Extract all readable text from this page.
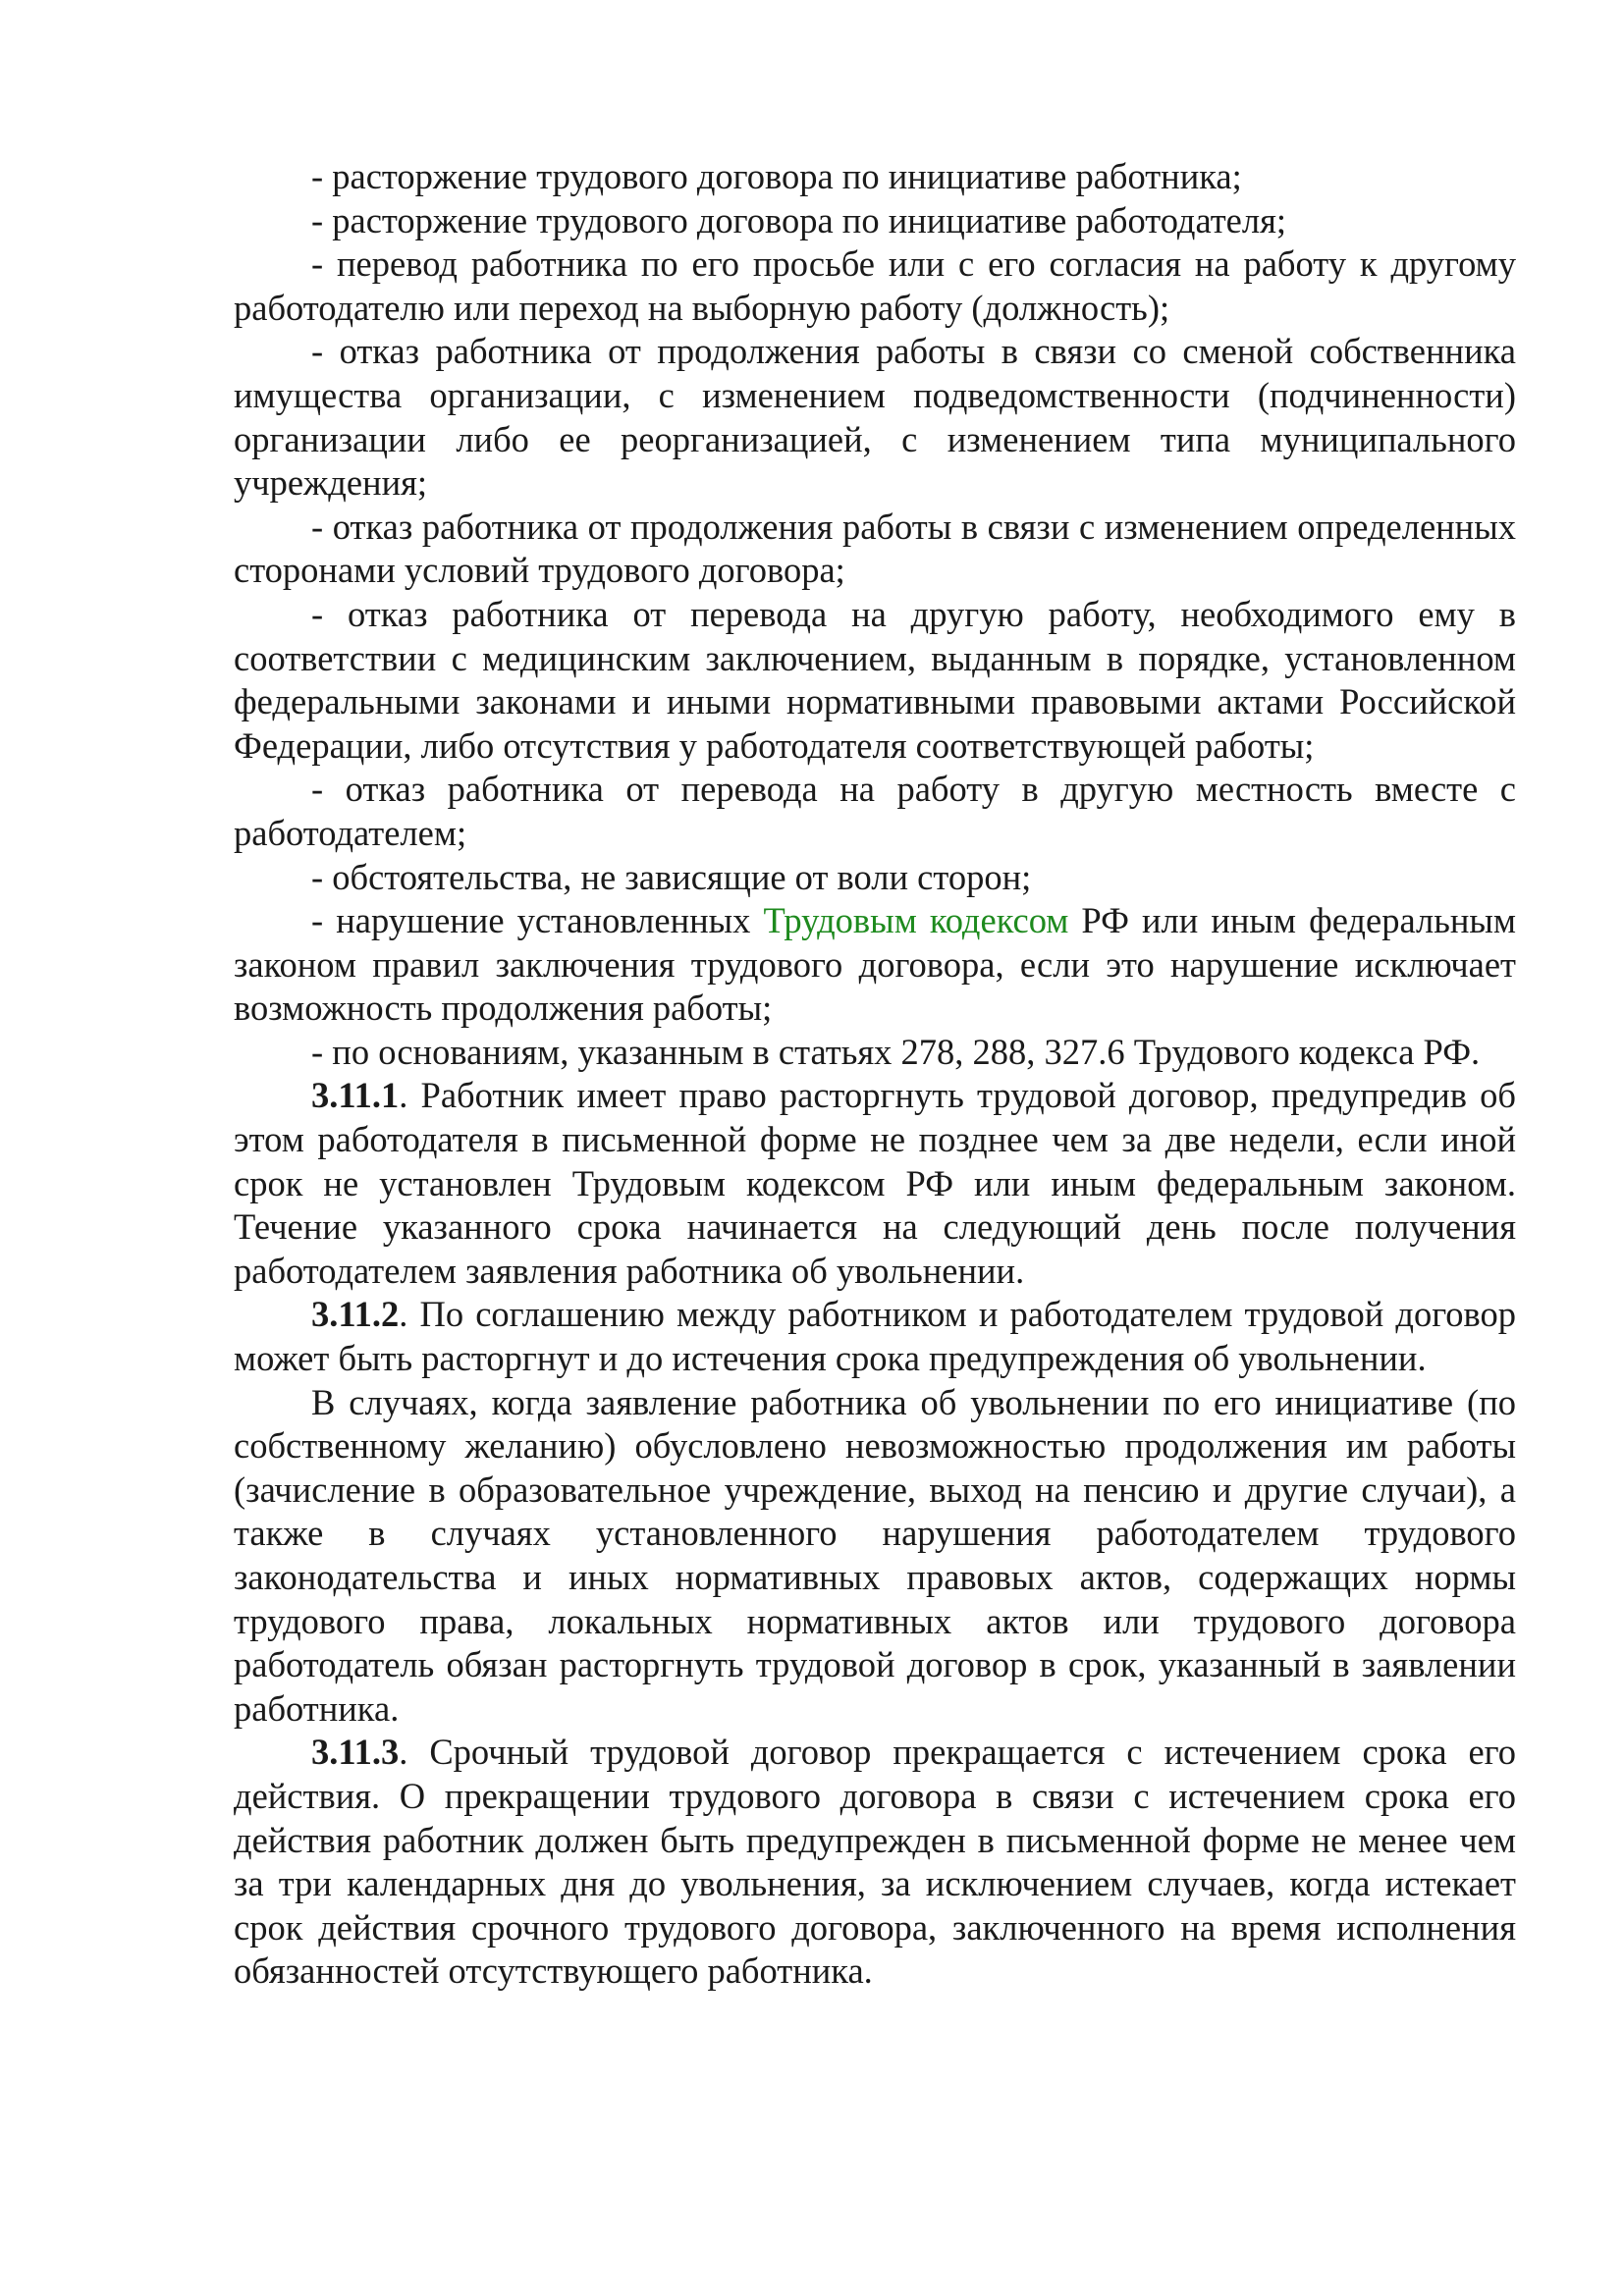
- расторжение трудового договора по инициативе работника;

- расторжение трудового договора по инициативе работодателя;

- перевод работника по его просьбе или с его согласия на работу к другому работодателю или переход на выборную работу (должность);

- отказ работника от продолжения работы в связи со сменой собственника имущества организации, с изменением подведомственности (подчиненности) организации либо ее реорганизацией, с изменением типа муниципального учреждения;

- отказ работника от продолжения работы в связи с изменением определенных сторонами условий трудового договора;

- отказ работника от перевода на другую работу, необходимого ему в соответствии с медицинским заключением, выданным в порядке, установленном федеральными законами и иными нормативными правовыми актами Российской Федерации, либо отсутствия у работодателя соответствующей работы;

- отказ работника от перевода на работу в другую местность вместе с работодателем;

- обстоятельства, не зависящие от воли сторон;

- нарушение установленных Трудовым кодексом РФ или иным федеральным законом правил заключения трудового договора, если это нарушение исключает возможность продолжения работы;

- по основаниям, указанным в статьях 278, 288, 327.6 Трудового кодекса РФ.

3.11.1. Работник имеет право расторгнуть трудовой договор, предупредив об этом работодателя в письменной форме не позднее чем за две недели, если иной срок не установлен Трудовым кодексом РФ или иным федеральным законом. Течение указанного срока начинается на следующий день после получения работодателем заявления работника об увольнении.

3.11.2. По соглашению между работником и работодателем трудовой договор может быть расторгнут и до истечения срока предупреждения об увольнении.

В случаях, когда заявление работника об увольнении по его инициативе (по собственному желанию) обусловлено невозможностью продолжения им работы (зачисление в образовательное учреждение, выход на пенсию и другие случаи), а также в случаях установленного нарушения работодателем трудового законодательства и иных нормативных правовых актов, содержащих нормы трудового права, локальных нормативных актов или трудового договора работодатель обязан расторгнуть трудовой договор в срок, указанный в заявлении работника.

3.11.3. Срочный трудовой договор прекращается с истечением срока его действия. О прекращении трудового договора в связи с истечением срока его действия работник должен быть предупрежден в письменной форме не менее чем за три календарных дня до увольнения, за исключением случаев, когда истекает срок действия срочного трудового договора, заключенного на время исполнения обязанностей отсутствующего работника.
